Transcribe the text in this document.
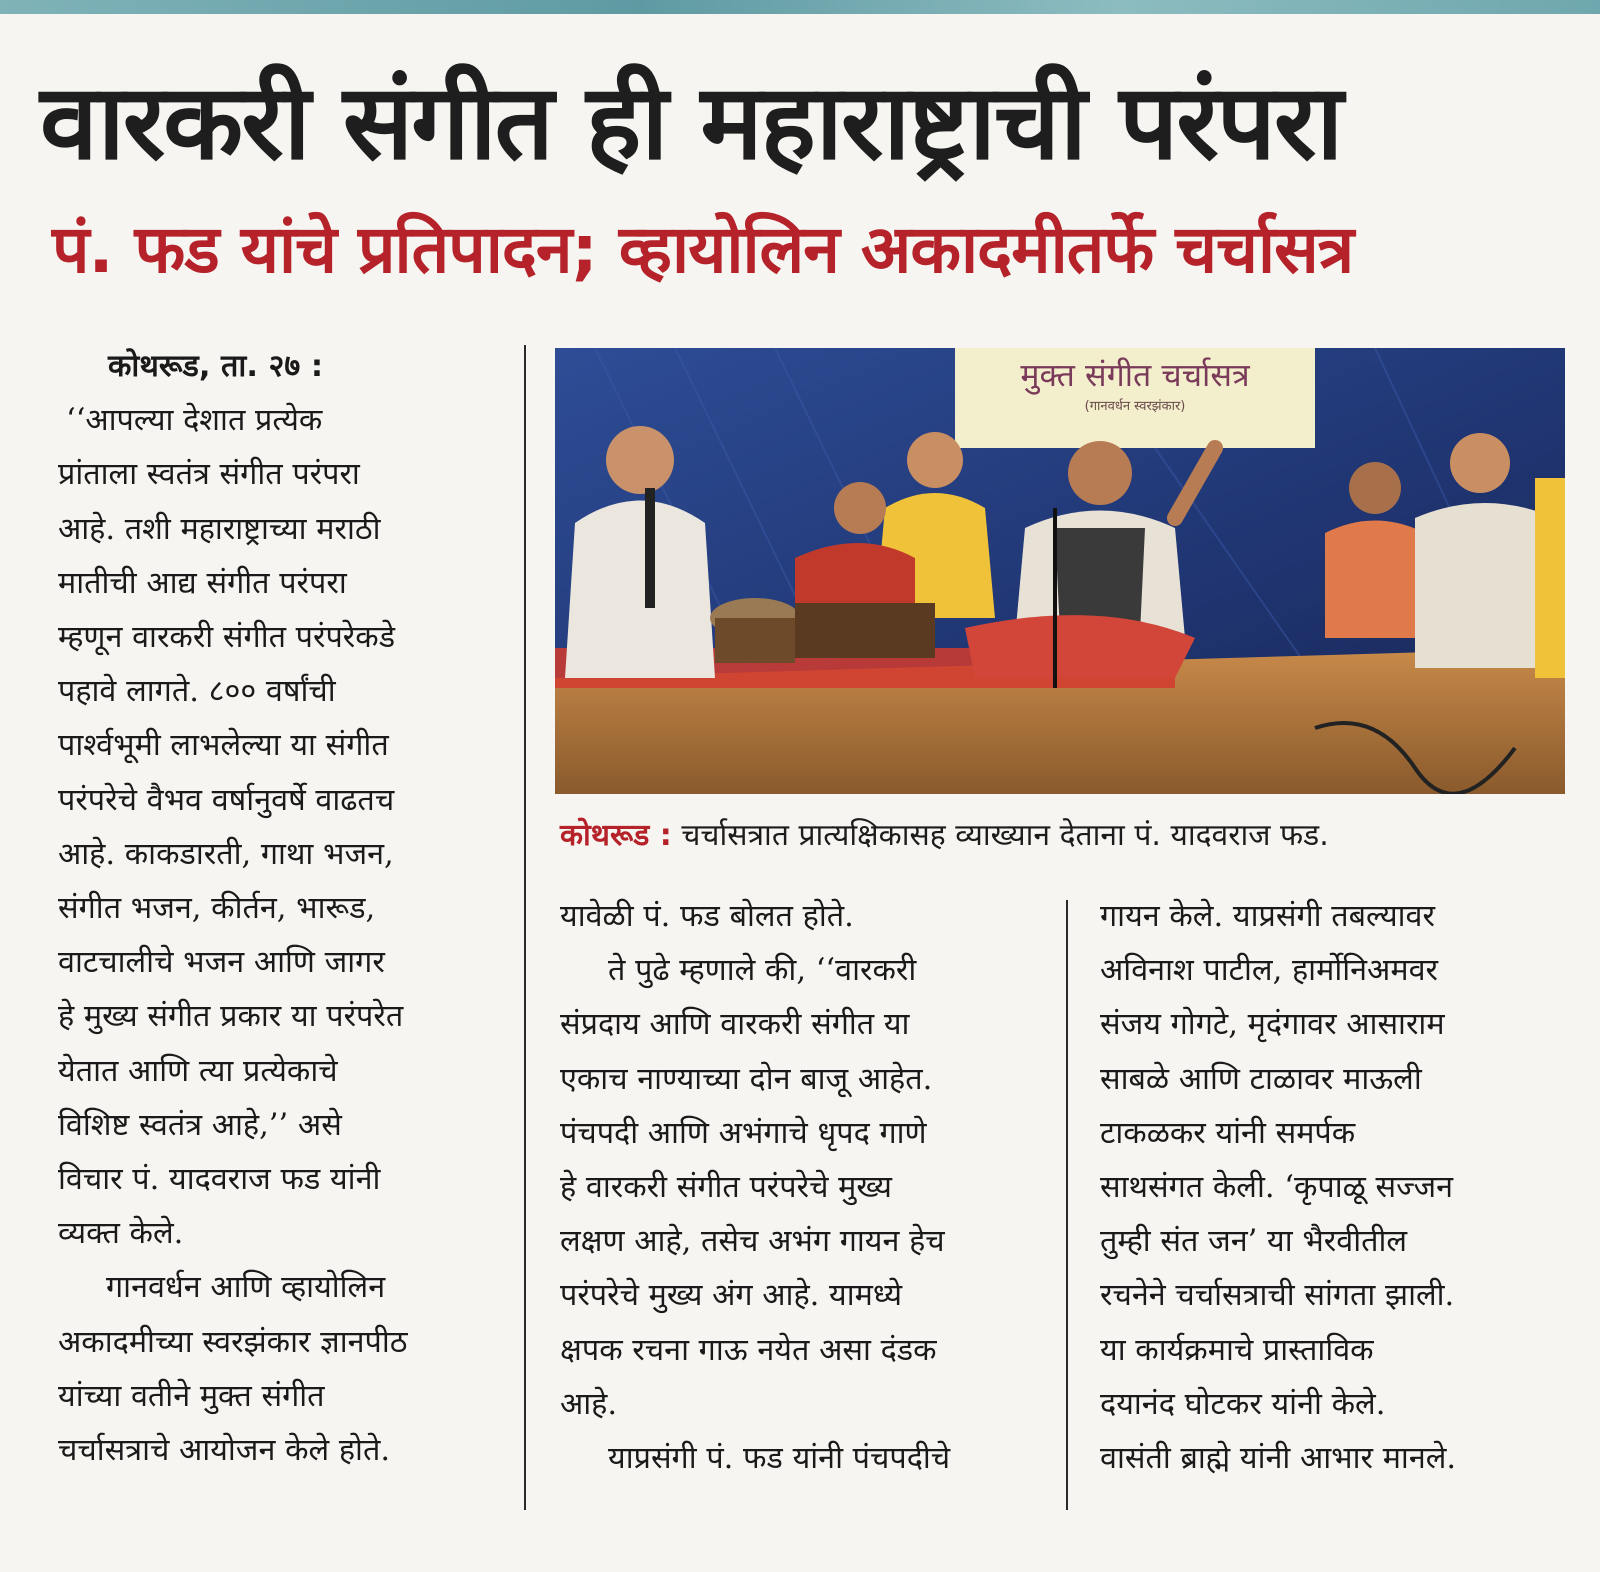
वारकरी संगीत ही महाराष्ट्राची परंपरा
पं. फड यांचे प्रतिपादन; व्हायोलिन अकादमीतर्फे चर्चासत्र

कोथरूड, ता. २७ :

‘‘आपल्या देशात प्रत्येक

प्रांताला स्वतंत्र संगीत परंपरा

आहे. तशी महाराष्ट्राच्या मराठी

मातीची आद्य संगीत परंपरा

म्हणून वारकरी संगीत परंपरेकडे

पहावे लागते. ८०० वर्षांची

पार्श्वभूमी लाभलेल्या या संगीत

परंपरेचे वैभव वर्षानुवर्षे वाढतच

आहे. काकडारती, गाथा भजन,

संगीत भजन, कीर्तन, भारूड,

वाटचालीचे भजन आणि जागर

हे मुख्य संगीत प्रकार या परंपरेत

येतात आणि त्या प्रत्येकाचे

विशिष्ट स्वतंत्र आहे,’’ असे

विचार पं. यादवराज फड यांनी

व्यक्त केले.

गानवर्धन आणि व्हायोलिन

अकादमीच्या स्वरझंकार ज्ञानपीठ

यांच्या वतीने मुक्त संगीत

चर्चासत्राचे आयोजन केले होते.

मुक्त संगीत चर्चासत्र
(गानवर्धन स्वरझंकार)
कोथरूड : चर्चासत्रात प्रात्यक्षिकासह व्याख्यान देताना पं. यादवराज फड.

यावेळी पं. फड बोलत होते.

ते पुढे म्हणाले की, ‘‘वारकरी

संप्रदाय आणि वारकरी संगीत या

एकाच नाण्याच्या दोन बाजू आहेत.

पंचपदी आणि अभंगाचे धृपद गाणे

हे वारकरी संगीत परंपरेचे मुख्य

लक्षण आहे, तसेच अभंग गायन हेच

परंपरेचे मुख्य अंग आहे. यामध्ये

क्षपक रचना गाऊ नयेत असा दंडक

आहे.

याप्रसंगी पं. फड यांनी पंचपदीचे

गायन केले. याप्रसंगी तबल्यावर

अविनाश पाटील, हार्मोनिअमवर

संजय गोगटे, मृदंगावर आसाराम

साबळे आणि टाळावर माऊली

टाकळकर यांनी समर्पक

साथसंगत केली. ‘कृपाळू सज्जन

तुम्ही संत जन’ या भैरवीतील

रचनेने चर्चासत्राची सांगता झाली.

या कार्यक्रमाचे प्रास्ताविक

दयानंद घोटकर यांनी केले.

वासंती ब्राह्मे यांनी आभार मानले.
